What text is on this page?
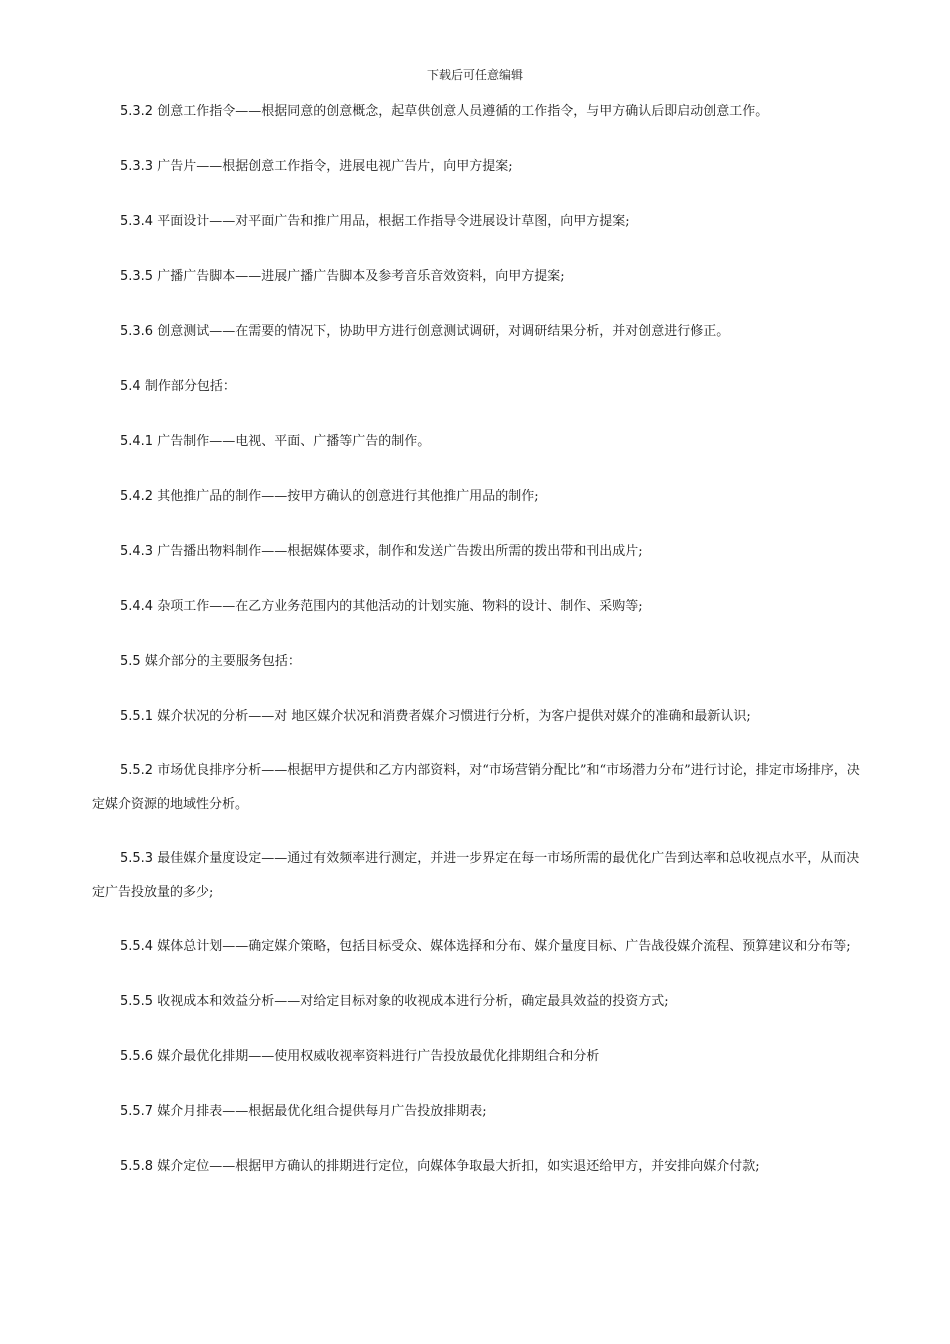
下载后可任意编辑

5.3.2 创意工作指令——根据同意的创意概念，起草供创意人员遵循的工作指令，与甲方确认后即启动创意工作。

5.3.3 广告片——根据创意工作指令，进展电视广告片，向甲方提案;

5.3.4 平面设计——对平面广告和推广用品，根据工作指导令进展设计草图，向甲方提案;

5.3.5 广播广告脚本——进展广播广告脚本及参考音乐音效资料，向甲方提案;

5.3.6 创意测试——在需要的情况下，协助甲方进行创意测试调研，对调研结果分析，并对创意进行修正。

5.4 制作部分包括：

5.4.1 广告制作——电视、平面、广播等广告的制作。

5.4.2 其他推广品的制作——按甲方确认的创意进行其他推广用品的制作;

5.4.3 广告播出物料制作——根据媒体要求，制作和发送广告拨出所需的拨出带和刊出成片;

5.4.4 杂项工作——在乙方业务范围内的其他活动的计划实施、物料的设计、制作、采购等;

5.5 媒介部分的主要服务包括：

5.5.1 媒介状况的分析——对 地区媒介状况和消费者媒介习惯进行分析，为客户提供对媒介的准确和最新认识;

5.5.2 市场优良排序分析——根据甲方提供和乙方内部资料，对“市场营销分配比”和“市场潜力分布”进行讨论，排定市场排序，决定媒介资源的地域性分析。

5.5.3 最佳媒介量度设定——通过有效频率进行测定，并进一步界定在每一市场所需的最优化广告到达率和总收视点水平，从而决定广告投放量的多少;

5.5.4 媒体总计划——确定媒介策略，包括目标受众、媒体选择和分布、媒介量度目标、广告战役媒介流程、预算建议和分布等;

5.5.5 收视成本和效益分析——对给定目标对象的收视成本进行分析，确定最具效益的投资方式;

5.5.6 媒介最优化排期——使用权威收视率资料进行广告投放最优化排期组合和分析

5.5.7 媒介月排表——根据最优化组合提供每月广告投放排期表;

5.5.8 媒介定位——根据甲方确认的排期进行定位，向媒体争取最大折扣，如实退还给甲方，并安排向媒介付款;
